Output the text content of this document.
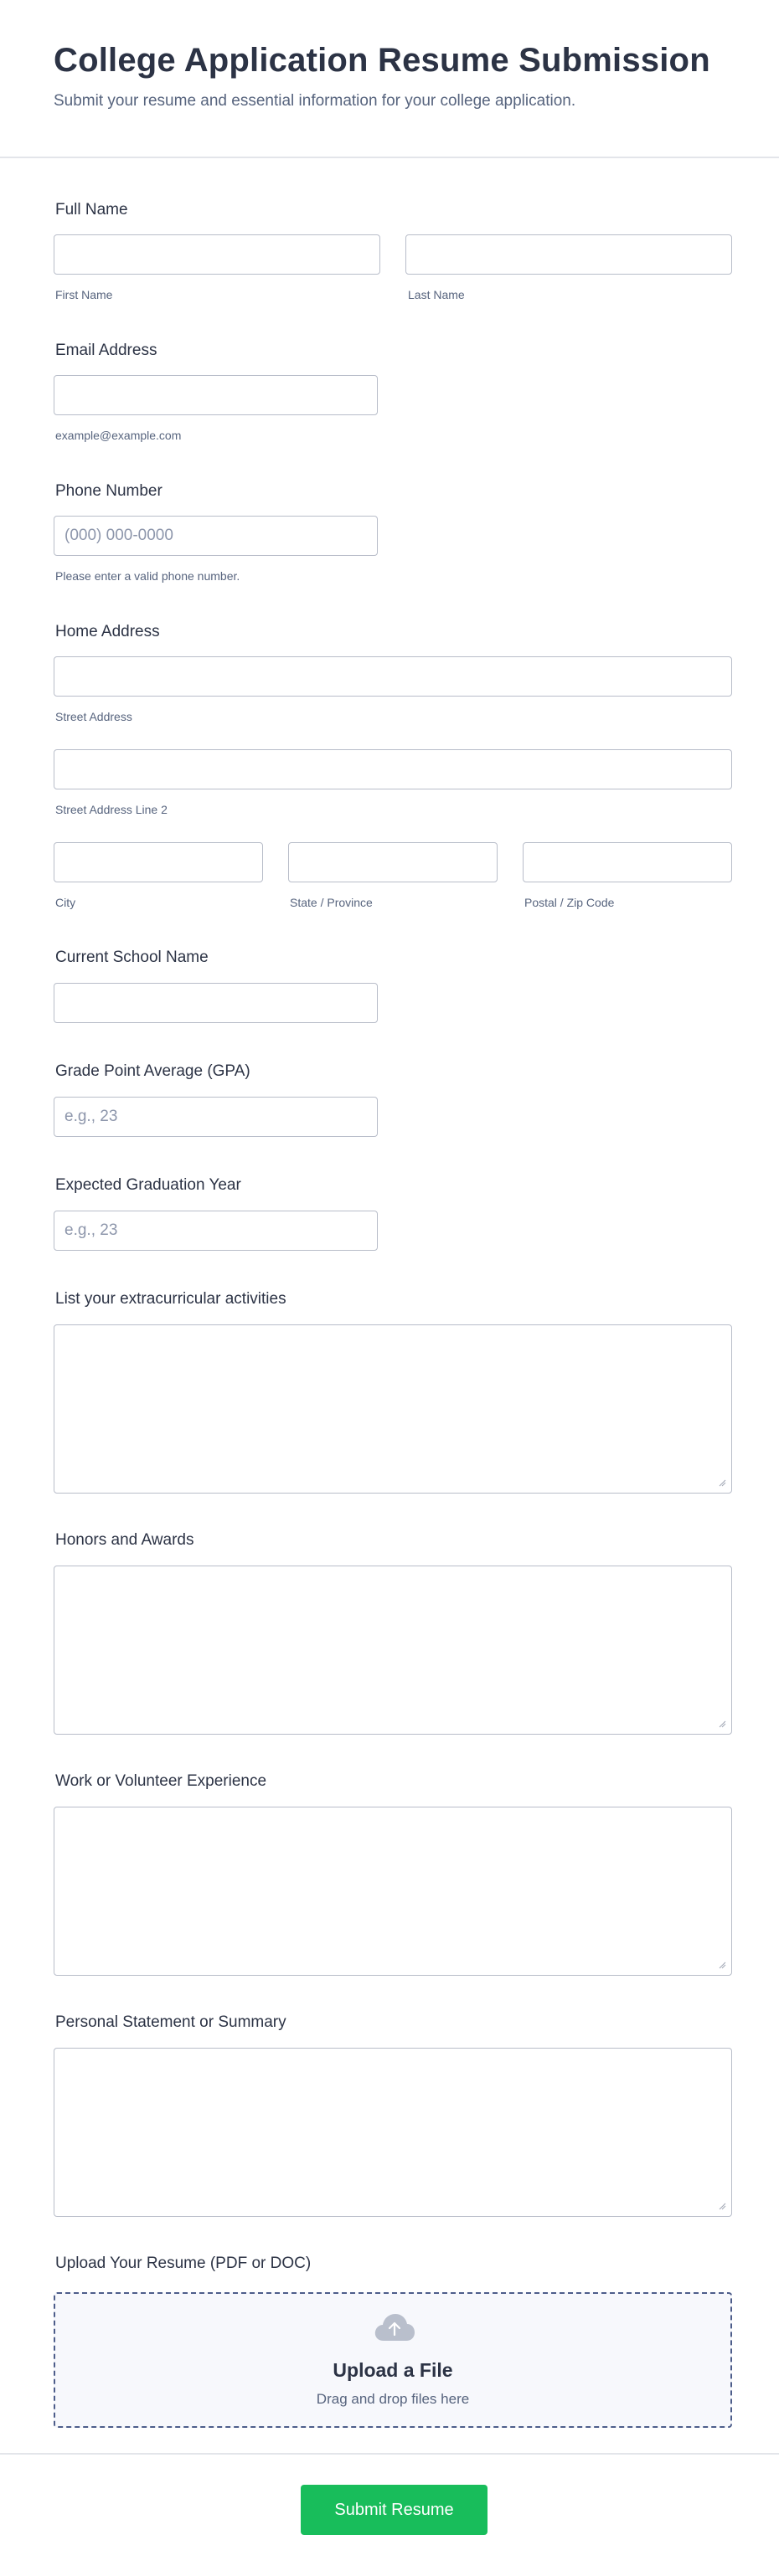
College Application Resume Submission

Submit your resume and essential information for your college application.

Full Name
First Name	Last Name
Email Address
example@example.com
Phone Number
(000) 000-0000
Please enter a valid phone number.
Home Address
Street Address
Street Address Line 2
City	State / Province	Postal / Zip Code
Current School Name
Grade Point Average (GPA)
e.g., 23
Expected Graduation Year
e.g., 23
List your extracurricular activities
Honors and Awards
Work or Volunteer Experience
Personal Statement or Summary
Upload Your Resume (PDF or DOC)
Upload a File
Drag and drop files here
Submit Resume
